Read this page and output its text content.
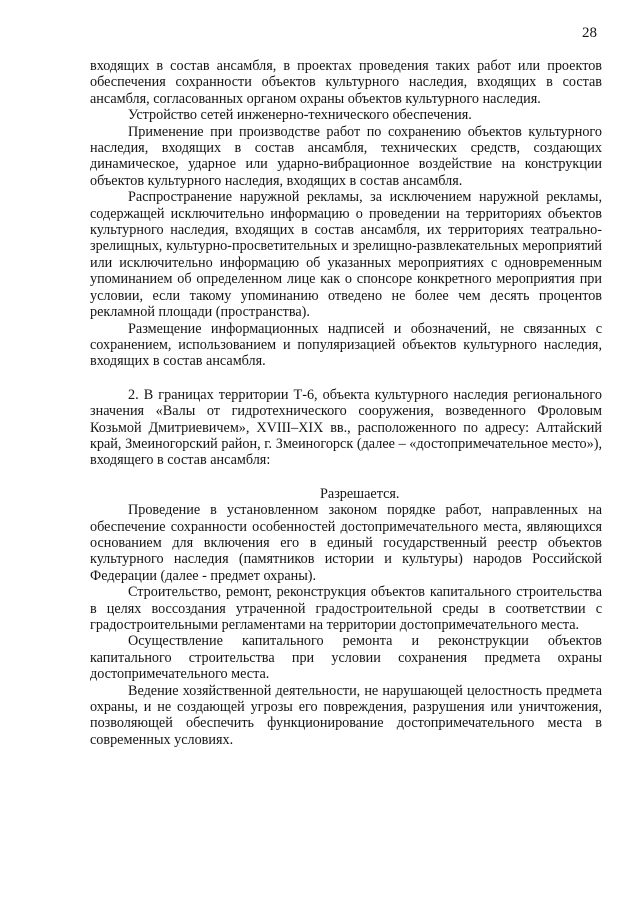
28

входящих в состав ансамбля, в проектах проведения таких работ или проектов обеспечения сохранности объектов культурного наследия, входящих в состав ансамбля, согласованных органом охраны объектов культурного наследия.

Устройство сетей инженерно-технического обеспечения.

Применение при производстве работ по сохранению объектов культурного наследия, входящих в состав ансамбля, технических средств, создающих динамическое, ударное или ударно-вибрационное воздействие на конструкции объектов культурного наследия, входящих в состав ансамбля.

Распространение наружной рекламы, за исключением наружной рекламы, содержащей исключительно информацию о проведении на территориях объектов культурного наследия, входящих в состав ансамбля, их территориях театрально-зрелищных, культурно-просветительных и зрелищно-развлекательных мероприятий или исключительно информацию об указанных мероприятиях с одновременным упоминанием об определенном лице как о спонсоре конкретного мероприятия при условии, если такому упоминанию отведено не более чем десять процентов рекламной площади (пространства).

Размещение информационных надписей и обозначений, не связанных с сохранением, использованием и популяризацией объектов культурного наследия, входящих в состав ансамбля.

2. В границах территории Т-6, объекта культурного наследия регионального значения «Валы от гидротехнического сооружения, возведенного Фроловым Козьмой Дмитриевичем», XVIII–XIX вв., расположенного по адресу: Алтайский край, Змеиногорский район, г. Змеиногорск (далее – «достопримечательное место»), входящего в состав ансамбля:

Разрешается.

Проведение в установленном законом порядке работ, направленных на обеспечение сохранности особенностей достопримечательного места, являющихся основанием для включения его в единый государственный реестр объектов культурного наследия (памятников истории и культуры) народов Российской Федерации (далее - предмет охраны).

Строительство, ремонт, реконструкция объектов капитального строительства в целях воссоздания утраченной градостроительной среды в соответствии с градостроительными регламентами на территории достопримечательного места.

Осуществление капитального ремонта и реконструкции объектов капитального строительства при условии сохранения предмета охраны достопримечательного места.

Ведение хозяйственной деятельности, не нарушающей целостность предмета охраны, и не создающей угрозы его повреждения, разрушения или уничтожения, позволяющей обеспечить функционирование достопримечательного места в современных условиях.
